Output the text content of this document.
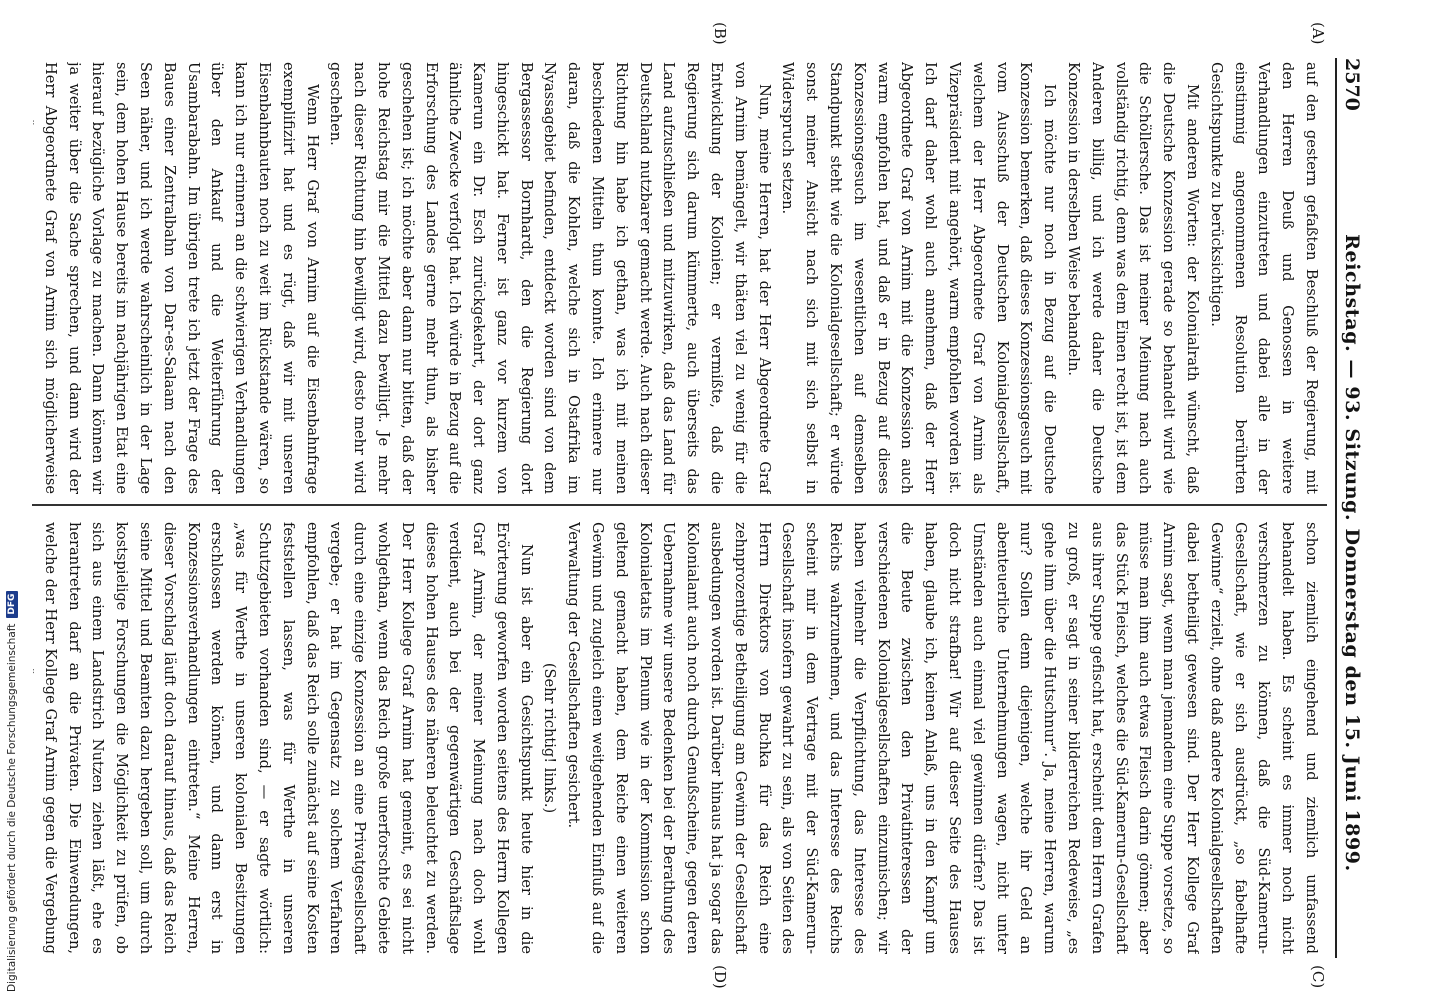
2570
Reichstag. — 93. Sitzung. Donnerstag den 15. Juni 1899.
(A)
(B)
(C)
(D)

auf den gestern gefaßten Beschluß der Regierung, mit den Herren Deuß und Genossen in weitere Verhandlungen einzutreten und dabei alle in der einstimmig angenommenen Resolution berührten Gesichtspunkte zu berücksichtigen.

Mit anderen Worten: der Kolonialrath wünscht, daß die Deutsche Konzession gerade so behandelt wird wie die Schöllersche. Das ist meiner Meinung nach auch vollständig richtig, denn was dem Einen recht ist, ist dem Anderen billig, und ich werde daher die Deutsche Konzession in derselben Weise behandeln.

Ich möchte nur noch in Bezug auf die Deutsche Konzession bemerken, daß dieses Konzessionsgesuch mit vom Ausschuß der Deutschen Kolonialgesellschaft, welchem der Herr Abgeordnete Graf von Arnim als Vizepräsident mit angehört, warm empfohlen worden ist. Ich darf daher wohl auch annehmen, daß der Herr Abgeordnete Graf von Arnim mit die Konzession auch warm empfohlen hat, und daß er in Bezug auf dieses Konzessionsgesuch im wesentlichen auf demselben Standpunkt steht wie die Kolonialgesellschaft; er würde sonst meiner Ansicht nach sich mit sich selbst in Widerspruch setzen.

Nun, meine Herren, hat der Herr Abgeordnete Graf von Arnim bemängelt, wir thäten viel zu wenig für die Entwicklung der Kolonien; er vermißte, daß die Regierung sich darum kümmerte, auch überseits das Land aufzuschließen und mitzuwirken, daß das Land für Deutschland nutzbarer gemacht werde. Auch nach dieser Richtung hin habe ich gethan, was ich mit meinen beschiedenen Mitteln thun konnte. Ich erinnere nur daran, daß die Kohlen, welche sich in Ostafrika im Nyassagebiet befinden, entdeckt worden sind von dem Bergassessor Bornhardt, den die Regierung dort hingeschickt hat. Ferner ist ganz vor kurzem von Kamerun ein Dr. Esch zurückgekehrt, der dort ganz ähnliche Zwecke verfolgt hat. Ich würde in Bezug auf die Erforschung des Landes gerne mehr thun, als bisher geschehen ist; ich möchte aber dann nur bitten, daß der hohe Reichstag mir die Mittel dazu bewilligt. Je mehr nach dieser Richtung hin bewilligt wird, desto mehr wird geschehen.

Wenn Herr Graf von Arnim auf die Eisenbahnfrage exemplifizirt hat und es rügt, daß wir mit unseren Eisenbahnbauten noch zu weit im Rückstande wären, so kann ich nur erinnern an die schwierigen Verhandlungen über den Ankauf und die Weiterführung der Usambarabahn. Im übrigen trete ich jetzt der Frage des Baues einer Zentralbahn von Dar-es-Salaam nach den Seen näher, und ich werde wahrscheinlich in der Lage sein, dem hohen Hause bereits im nachjährigen Etat eine hierauf bezügliche Vorlage zu machen. Dann können wir ja weiter über die Sache sprechen, und dann wird der Herr Abgeordnete Graf von Arnim sich möglicherweise

schon ziemlich eingehend und ziemlich umfassend behandelt haben. Es scheint es immer noch nicht verschmerzen zu können, daß die Süd-Kamerun-Gesellschaft, wie er sich ausdrückt, „so fabelhafte Gewinne“ erzielt, ohne daß andere Kolonialgesellschaften dabei betheiligt gewesen sind. Der Herr Kollege Graf Arnim sagt, wenn man jemandem eine Suppe vorsetze, so müsse man ihm auch etwas Fleisch darin gönnen; aber das Stück Fleisch, welches die Süd-Kamerun-Gesellschaft aus ihrer Suppe gefischt hat, erscheint dem Herrn Grafen zu groß, er sagt in seiner bilderreichen Redeweise, „es gehe ihm über die Hutschnur“. Ja, meine Herren, warum nur? Sollen denn diejenigen, welche ihr Geld an abenteuerliche Unternehmungen wagen, nicht unter Umständen auch einmal viel gewinnen dürfen? Das ist doch nicht strafbar! Wir auf dieser Seite des Hauses haben, glaube ich, keinen Anlaß, uns in den Kampf um die Beute zwischen den Privatinteressen der verschiedenen Kolonialgesellschaften einzumischen; wir haben vielmehr die Verpflichtung, das Interesse des Reichs wahrzunehmen, und das Interesse des Reichs scheint mir in dem Vertrage mit der Süd-Kamerun-Gesellschaft insofern gewahrt zu sein, als von Seiten des Herrn Direktors von Buchka für das Reich eine zehnprozentige Betheiligung am Gewinn der Gesellschaft ausbedungen worden ist. Darüber hinaus hat ja sogar das Kolonialamt auch noch durch Genußscheine, gegen deren Uebernahme wir unsere Bedenken bei der Berathung des Kolonialetats im Plenum wie in der Kommission schon geltend gemacht haben, dem Reiche einen weiteren Gewinn und zugleich einen weitgehenden Einfluß auf die Verwaltung der Gesellschaften gesichert.

(Sehr richtig! links.)

Nun ist aber ein Gesichtspunkt heute hier in die Erörterung geworfen worden seitens des Herrn Kollegen Graf Arnim, der meiner Meinung nach doch wohl verdient, auch bei der gegenwärtigen Geschäftslage dieses hohen Hauses des näheren beleuchtet zu werden. Der Herr Kollege Graf Arnim hat gemeint, es sei nicht wohlgethan, wenn das Reich große unerforschte Gebiete durch eine einzige Konzession an eine Privatgesellschaft vergebe; er hat im Gegensatz zu solchem Verfahren empfohlen, daß das Reich solle zunächst auf seine Kosten feststellen lassen, was für Werthe in unseren Schutzgebieten vorhanden sind, — er sagte wörtlich: „was für Werthe in unseren kolonialen Besitzungen erschlossen werden können, und dann erst in Konzessionsverhandlungen eintreten.“ Meine Herren, dieser Vorschlag läuft doch darauf hinaus, daß das Reich seine Mittel und Beamten dazu hergeben soll, um durch kostspielige Forschungen die Möglichkeit zu prüfen, ob sich aus einem Landstrich Nutzen ziehen läßt, ehe es herantreten darf an die Privaten. Die Einwendungen, welche der Herr Kollege Graf Arnim gegen die Vergebung

Digitalisierung gefördert durch die Deutsche Forschungsgemeinschaft
DFG
